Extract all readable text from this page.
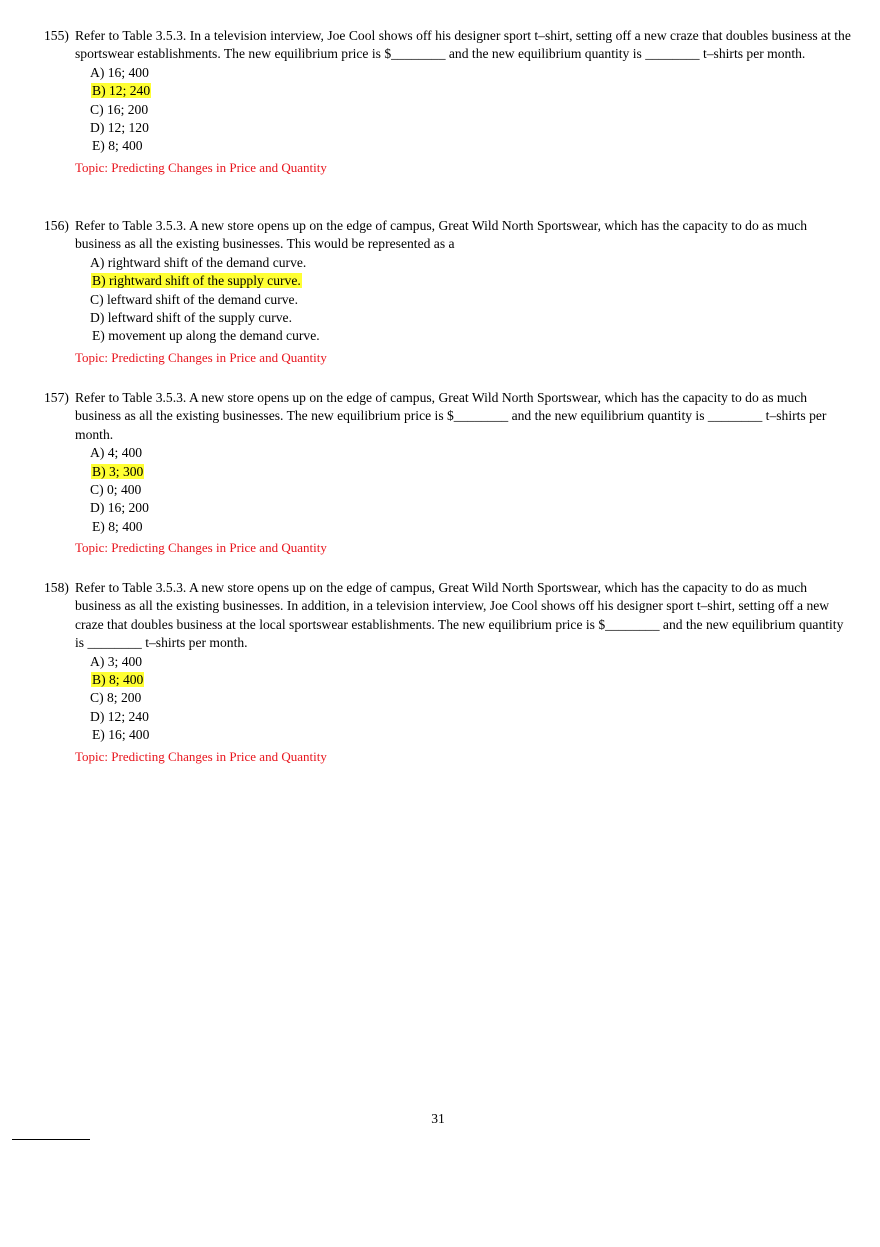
155) Refer to Table 3.5.3. In a television interview, Joe Cool shows off his designer sport t–shirt, setting off a new craze that doubles business at the sportswear establishments. The new equilibrium price is $________ and the new equilibrium quantity is ________ t–shirts per month.
A) 16; 400
B) 12; 240
C) 16; 200
D) 12; 120
E) 8; 400
Topic: Predicting Changes in Price and Quantity
156) Refer to Table 3.5.3. A new store opens up on the edge of campus, Great Wild North Sportswear, which has the capacity to do as much business as all the existing businesses. This would be represented as a
A) rightward shift of the demand curve.
B) rightward shift of the supply curve.
C) leftward shift of the demand curve.
D) leftward shift of the supply curve.
E) movement up along the demand curve.
Topic: Predicting Changes in Price and Quantity
157) Refer to Table 3.5.3. A new store opens up on the edge of campus, Great Wild North Sportswear, which has the capacity to do as much business as all the existing businesses. The new equilibrium price is $________ and the new equilibrium quantity is ________ t–shirts per month.
A) 4; 400
B) 3; 300
C) 0; 400
D) 16; 200
E) 8; 400
Topic: Predicting Changes in Price and Quantity
158) Refer to Table 3.5.3. A new store opens up on the edge of campus, Great Wild North Sportswear, which has the capacity to do as much business as all the existing businesses. In addition, in a television interview, Joe Cool shows off his designer sport t–shirt, setting off a new craze that doubles business at the local sportswear establishments. The new equilibrium price is $________ and the new equilibrium quantity is ________ t–shirts per month.
A) 3; 400
B) 8; 400
C) 8; 200
D) 12; 240
E) 16; 400
Topic: Predicting Changes in Price and Quantity
31
